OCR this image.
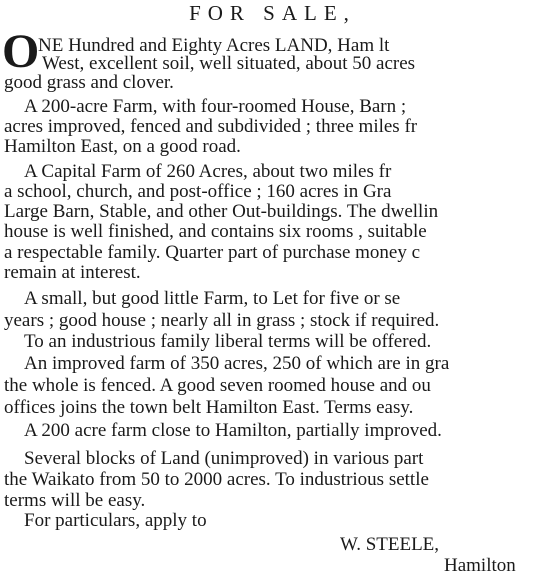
FOR SALE,
O
NE Hundred and Eighty Acres LAND, Ham lt
West, excellent soil, well situated, about 50 acres
good grass and clover.
A 200-acre Farm, with four-roomed House, Barn ;
acres improved, fenced and subdivided ; three miles fr
Hamilton East, on a good road.
A Capital Farm of 260 Acres, about two miles fr
a school, church, and post-office ; 160 acres in Gra
Large Barn, Stable, and other Out-buildings. The dwellin
house is well finished, and contains six rooms , suitable
a respectable family. Quarter part of purchase money c
remain at interest.
A small, but good little Farm, to Let for five or se
years ; good house ; nearly all in grass ; stock if required.
To an industrious family liberal terms will be offered.
An improved farm of 350 acres, 250 of which are in gra
the whole is fenced. A good seven roomed house and ou
offices joins the town belt Hamilton East. Terms easy.
A 200 acre farm close to Hamilton, partially improved.
Several blocks of Land (unimproved) in various part
the Waikato from 50 to 2000 acres. To industrious settle
terms will be easy.
For particulars, apply to
W. STEELE,
Hamilton
